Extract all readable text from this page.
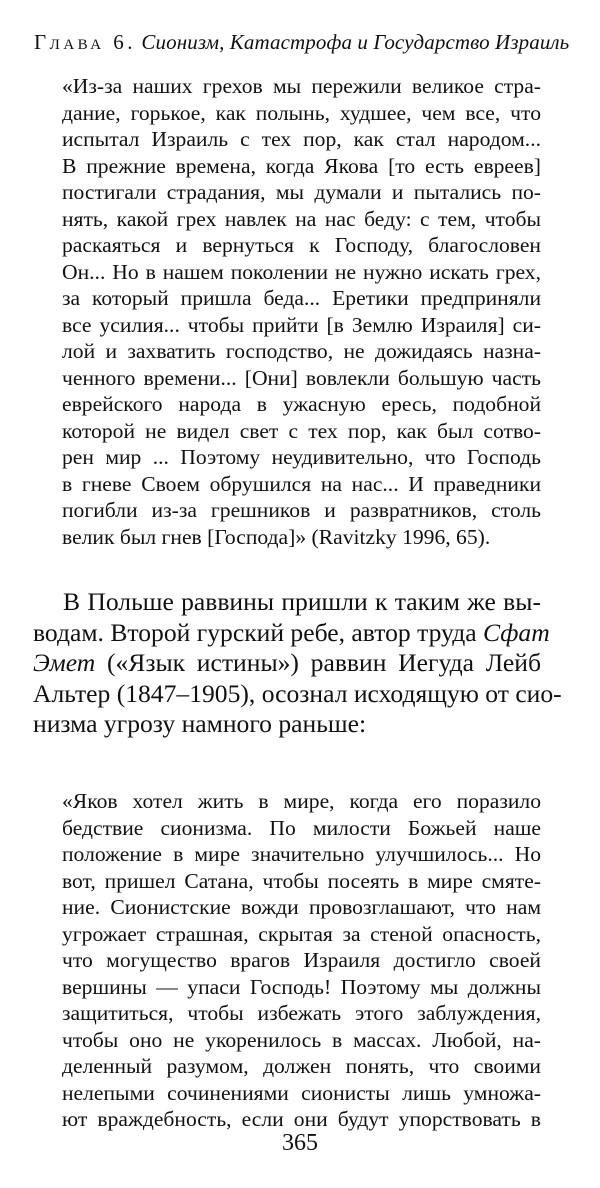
Глава 6. Сионизм, Катастрофа и Государство Израиль
«Из-за наших грехов мы пережили великое стра-
дание, горькое, как полынь, худшее, чем все, что
испытал Израиль с тех пор, как стал народом...
В прежние времена, когда Якова [то есть евреев]
постигали страдания, мы думали и пытались по-
нять, какой грех навлек на нас беду: с тем, чтобы
раскаяться и вернуться к Господу, благословен
Он... Но в нашем поколении не нужно искать грех,
за который пришла беда... Еретики предприняли
все усилия... чтобы прийти [в Землю Израиля] си-
лой и захватить господство, не дожидаясь назна-
ченного времени... [Они] вовлекли большую часть
еврейского народа в ужасную ересь, подобной
которой не видел свет с тех пор, как был сотво-
рен мир ... Поэтому неудивительно, что Господь
в гневе Своем обрушился на нас... И праведники
погибли из-за грешников и развратников, столь
велик был гнев [Господа]» (Ravitzky 1996, 65).
В Польше раввины пришли к таким же вы-
водам. Второй гурский ребе, автор труда Сфат
Эмет («Язык истины») раввин Иегуда Лейб
Альтер (1847–1905), осознал исходящую от сио-
низма угрозу намного раньше:
«Яков хотел жить в мире, когда его поразило
бедствие сионизма. По милости Божьей наше
положение в мире значительно улучшилось... Но
вот, пришел Сатана, чтобы посеять в мире смяте-
ние. Сионистские вожди провозглашают, что нам
угрожает страшная, скрытая за стеной опасность,
что могущество врагов Израиля достигло своей
вершины — упаси Господь! Поэтому мы должны
защититься, чтобы избежать этого заблуждения,
чтобы оно не укоренилось в массах. Любой, на-
деленный разумом, должен понять, что своими
нелепыми сочинениями сионисты лишь умножа-
ют враждебность, если они будут упорствовать в
365
